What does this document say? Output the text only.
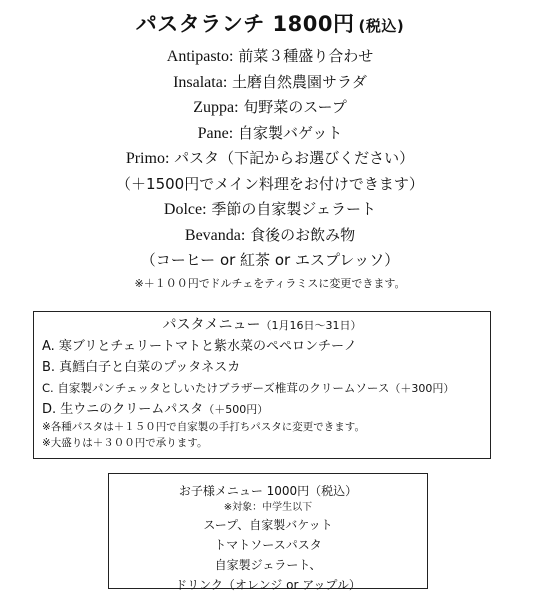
パスタランチ 1800円 (税込)
Antipasto: 前菜３種盛り合わせ
Insalata: 土磨自然農園サラダ
Zuppa: 旬野菜のスープ
Pane: 自家製バゲット
Primo: パスタ（下記からお選びください）
（＋1500円でメイン料理をお付けできます）
Dolce: 季節の自家製ジェラート
Bevanda: 食後のお飲み物
（コーヒー or 紅茶 or エスプレッソ）
※＋１００円でドルチェをティラミスに変更できます。
パスタメニュー（1月16日〜31日）
A. 寒ブリとチェリートマトと紫水菜のペペロンチーノ
B. 真鱈白子と白菜のプッタネスカ
C. 自家製パンチェッタとしいたけブラザーズ椎茸のクリームソース（＋300円）
D. 生ウニのクリームパスタ（＋500円）
※各種パスタは＋１５０円で自家製の手打ちパスタに変更できます。
※大盛りは＋３００円で承ります。
お子様メニュー 1000円（税込）
※対象：中学生以下
スープ、自家製バケット
トマトソースパスタ
自家製ジェラート、
ドリンク（オレンジ or アップル）
